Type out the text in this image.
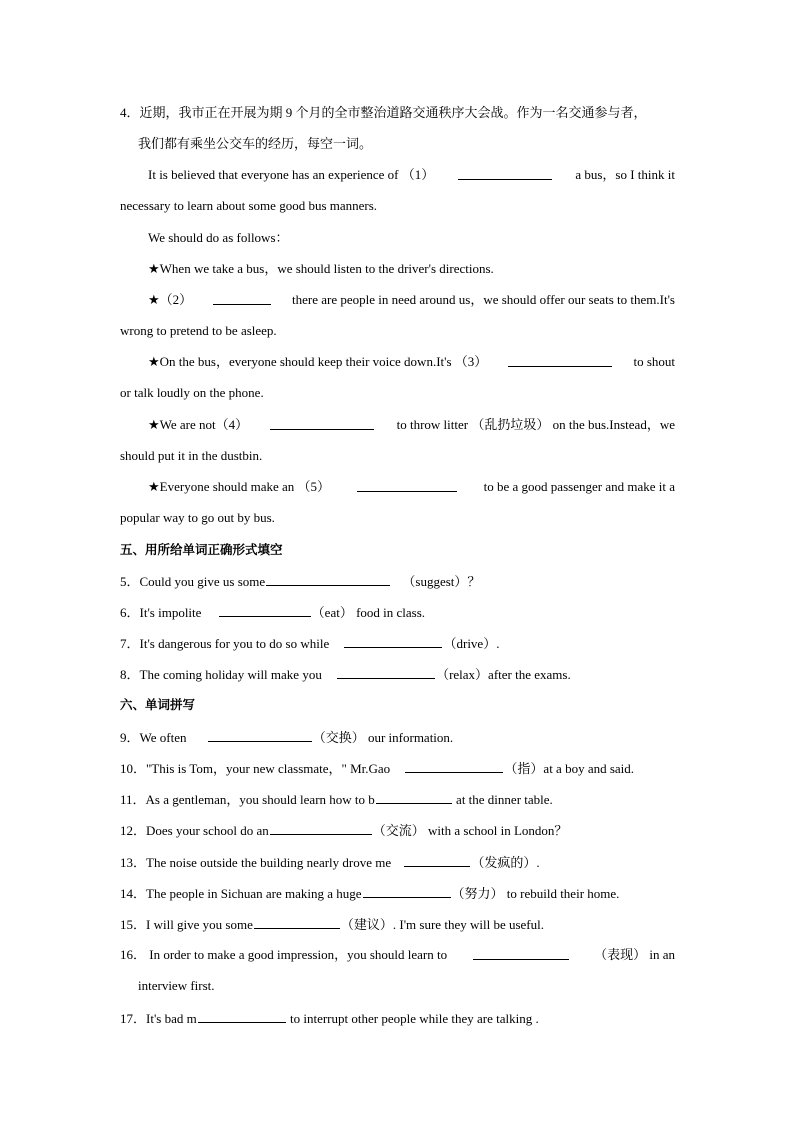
4．近期，我市正在开展为期 9 个月的全市整治道路交通秩序大会战。作为一名交通参与者，
我们都有乘坐公交车的经历，每空一词。
It is believed that everyone has an experience of （1）	a bus，so I think it
necessary to learn about some good bus manners.
We should do as follows：
★When we take a bus，we should listen to the driver's directions.
★（2）	there are people in need around us，we should offer our seats to them.It's
wrong to pretend to be asleep.
★On the bus，everyone should keep their voice down.It's （3）	to shout
or talk loudly on the phone.
★We are not（4）	to throw litter （乱扔垃圾） on the bus.Instead，we
should put it in the dustbin.
★Everyone should make an （5）	to be a good passenger and make it a
popular way to go out by bus.
五、用所给单词正确形式填空
5．Could you give us some	（suggest）？
6．It's impolite	（eat） food in class.
7．It's dangerous for you to do so while	（drive）.
8．The coming holiday will make you	（relax）after the exams.
六、单词拼写
9．We often	（交换） our information.
10．"This is Tom，your new classmate，" Mr.Gao	（指）at a boy and said.
11．As a gentleman，you should learn how to b	at the dinner table.
12．Does your school do an	（交流） with a school in London？
13．The noise outside the building nearly drove me	（发疯的）.
14．The people in Sichuan are making a huge	（努力） to rebuild their home.
15．I will give you some	（建议）. I'm sure they will be useful.
16． In order to make a good impression，you should learn to	（表现） in an
interview first.
17．It's bad m	to interrupt other people while they are talking .
